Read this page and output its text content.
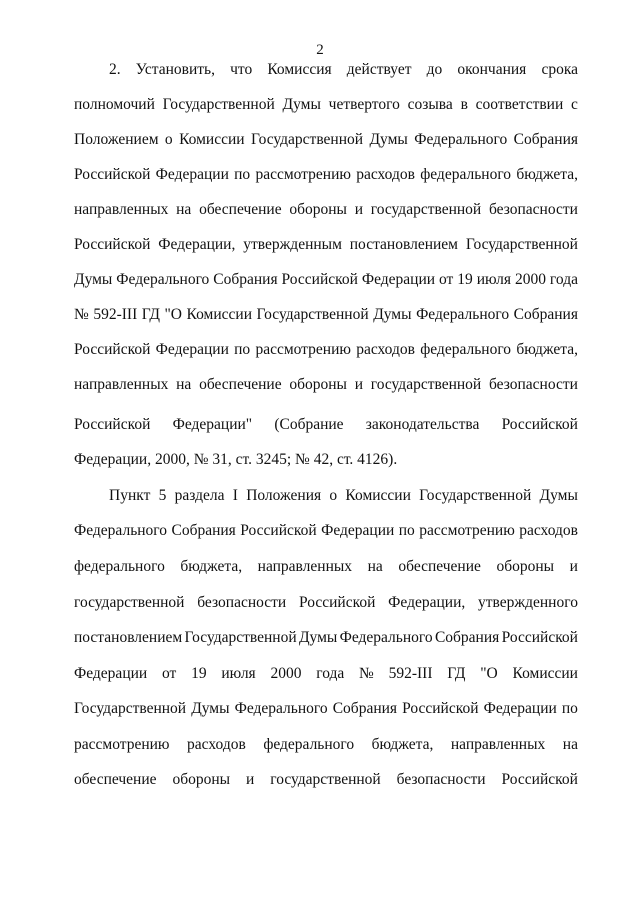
2
2. Установить, что Комиссия действует до окончания срока
полномочий Государственной Думы четвертого созыва в соответствии с
Положением о Комиссии Государственной Думы Федерального Собрания
Российской Федерации по рассмотрению расходов федерального бюджета,
направленных на обеспечение обороны и государственной безопасности
Российской Федерации, утвержденным постановлением Государственной
Думы Федерального Собрания Российской Федерации от 19 июля 2000 года
№ 592-III ГД "О Комиссии Государственной Думы Федерального Собрания
Российской Федерации по рассмотрению расходов федерального бюджета,
направленных на обеспечение обороны и государственной безопасности
Российской Федерации" (Собрание законодательства Российской
Федерации, 2000, № 31, ст. 3245; № 42, ст. 4126).
Пункт 5 раздела I Положения о Комиссии Государственной Думы
Федерального Собрания Российской Федерации по рассмотрению расходов
федерального бюджета, направленных на обеспечение обороны и
государственной безопасности Российской Федерации, утвержденного
постановлением Государственной Думы Федерального Собрания Российской
Федерации от 19 июля 2000 года № 592-III ГД "О Комиссии
Государственной Думы Федерального Собрания Российской Федерации по
рассмотрению расходов федерального бюджета, направленных на
обеспечение обороны и государственной безопасности Российской
